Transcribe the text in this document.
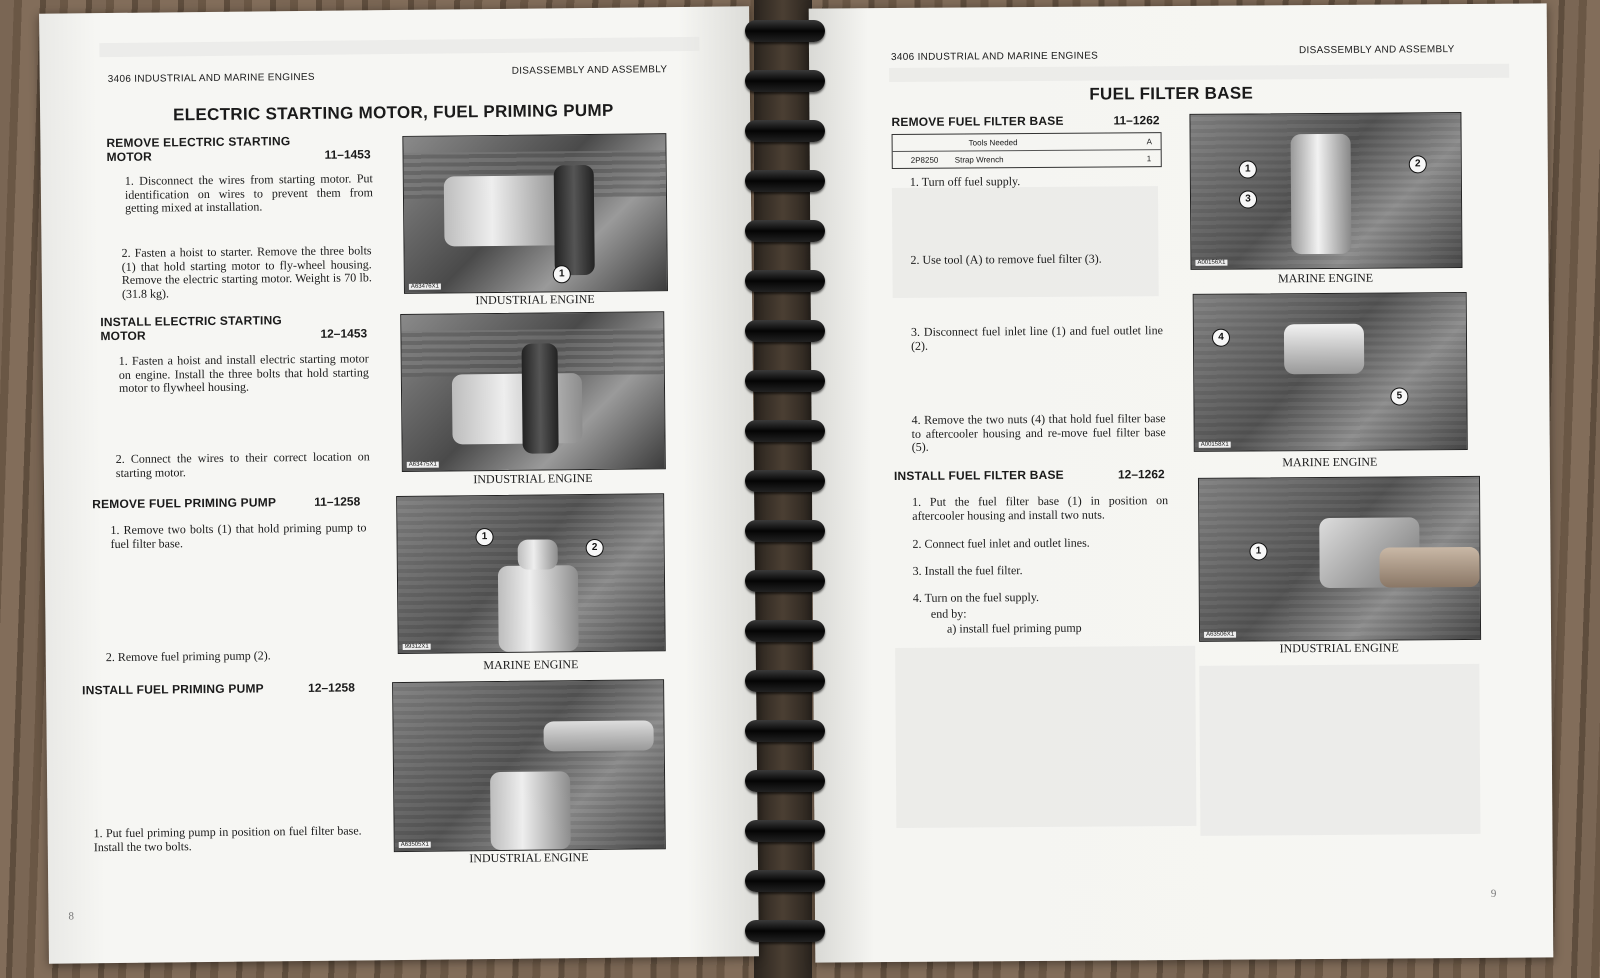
3406 INDUSTRIAL AND MARINE ENGINES
DISASSEMBLY AND ASSEMBLY
ELECTRIC STARTING MOTOR, FUEL PRIMING PUMP
REMOVE ELECTRIC STARTING
MOTOR	11–1453
1. Disconnect the wires from starting motor. Put identification on wires to prevent them from getting mixed at installation.
2. Fasten a hoist to starter. Remove the three bolts (1) that hold starting motor to fly-wheel housing. Remove the electric starting motor. Weight is 70 lb. (31.8 kg).
INSTALL ELECTRIC STARTING
MOTOR	12–1453
1. Fasten a hoist and install electric starting motor on engine. Install the three bolts that hold starting motor to flywheel housing.
2. Connect the wires to their correct location on starting motor.
REMOVE FUEL PRIMING PUMP	11–1258
1. Remove two bolts (1) that hold priming pump to fuel filter base.
2. Remove fuel priming pump (2).
INSTALL FUEL PRIMING PUMP	12–1258
1. Put fuel priming pump in position on fuel filter base. Install the two bolts.
1
A63476X1
INDUSTRIAL ENGINE
A63475X1
INDUSTRIAL ENGINE
1
2
99312X1
MARINE ENGINE
A63505X1
INDUSTRIAL ENGINE
8
3406 INDUSTRIAL AND MARINE ENGINES
DISASSEMBLY AND ASSEMBLY
FUEL FILTER BASE
REMOVE FUEL FILTER BASE	11–1262
Tools Needed	A
2P8250 Strap Wrench	1
1. Turn off fuel supply.
2. Use tool (A) to remove fuel filter (3).
3. Disconnect fuel inlet line (1) and fuel outlet line (2).
4. Remove the two nuts (4) that hold fuel filter base to aftercooler housing and re-move fuel filter base (5).
INSTALL FUEL FILTER BASE	12–1262
1. Put the fuel filter base (1) in position on aftercooler housing and install two nuts.
2. Connect fuel inlet and outlet lines.
3. Install the fuel filter.
4. Turn on the fuel supply.
end by:
a) install fuel priming pump
1	2
3
A00156X1
MARINE ENGINE
4
5
A00158X1
MARINE ENGINE
1
A63506X1
INDUSTRIAL ENGINE
9
